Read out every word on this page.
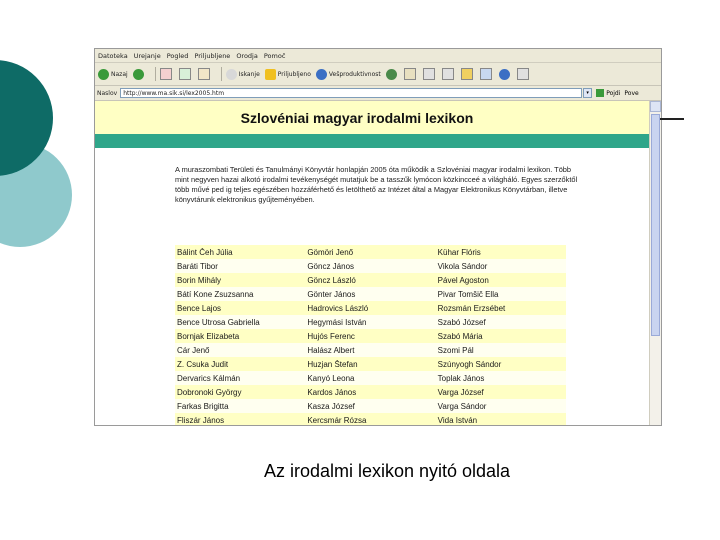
Datoteka Urejanje Pogled Priljubljene Orodja Pomoč
Nazaj	Iskanje	Priljubljeno	Vešproduktivnost
Naslov http://www.ma.sik.si/lex2005.htm	▾	Pojdi Pove
Szlovéniai magyar irodalmi lexikon
A muraszombati Területi és Tanulmányi Könyvtár honlapján 2005 óta működik a Szlovéniai magyar irodalmi lexikon. Több mint negyven hazai alkotó irodalmi tevékenységét mutatjuk be a tasszűk lymócon közkincceé a világháló. Egyes szerzőktől több művé ped ig teljes egészében hozzáférhető és letölthető az Intézet által a Magyar Elektronikus Könyvtárban, illetve könyvtárunk elektronikus gyűjteményében.
Bálint Čeh Júlia	Gömöri Jenő	Kühar Flóris
Baráti Tibor	Göncz János	Vikola Sándor
Borin Mihály	Göncz László	Pável Agoston
Bátí Kone Zsuzsanna	Gönter János	Pivar Tomšič Ella
Bence Lajos	Hadrovics László	Rozsmán Erzsébet
Bence Utrosa Gabriella	Hegymási István	Szabó József
Bornjak Elizabeta	Hujós Ferenc	Szabó Mária
Cár Jenő	Halász Albert	Szomi Pál
Z. Csuka Judit	Huzjan Štefan	Szúnyogh Sándor
Dervarics Kálmán	Kanyó Leona	Toplak János
Dobronoki György	Kardos János	Varga József
Farkas Brigitta	Kasza József	Varga Sándor
Fliszár János	Kercsmár Rózsa	Vida István
Az irodalmi lexikon nyitó oldala
